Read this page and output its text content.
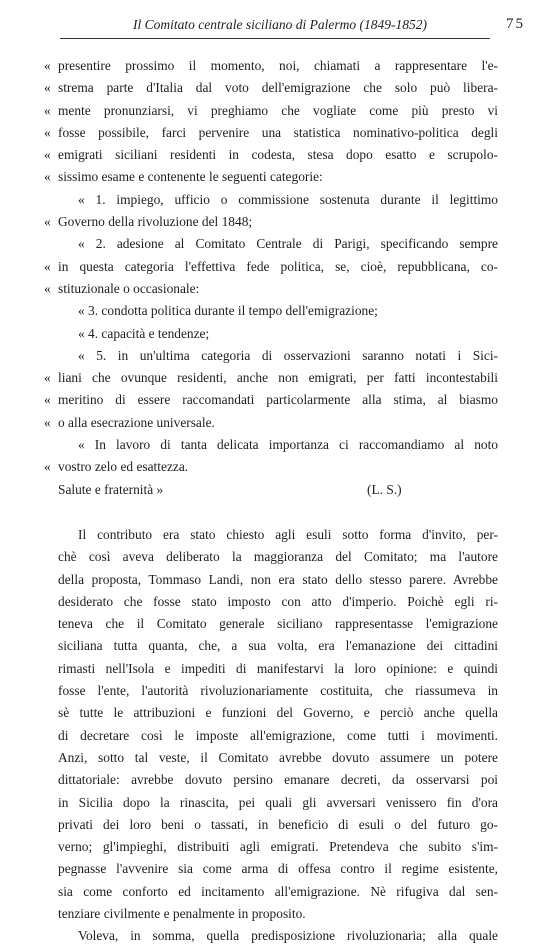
Il Comitato centrale siciliano di Palermo (1849-1852)	75
« presentire prossimo il momento, noi, chiamati a rappresentare l'e-
« strema parte d'Italia dal voto dell'emigrazione che solo può libera-
« mente pronunziarsi, vi preghiamo che vogliate come più presto vi
« fosse possibile, farci pervenire una statistica nominativo-politica degli
« emigrati siciliani residenti in codesta, stesa dopo esatto e scrupolo-
« sissimo esame e contenente le seguenti categorie:
« 1. impiego, ufficio o commissione sostenuta durante il legittimo
« Governo della rivoluzione del 1848;
« 2. adesione al Comitato Centrale di Parigi, specificando sempre
« in questa categoria l'effettiva fede politica, se, cioè, repubblicana, co-
« stituzionale o occasionale:
« 3. condotta politica durante il tempo dell'emigrazione;
« 4. capacità e tendenze;
« 5. in un'ultima categoria di osservazioni saranno notati i Sici-
« liani che ovunque residenti, anche non emigrati, per fatti incontestabili
« meritino di essere raccomandati particolarmente alla stima, al biasmo
« o alla esecrazione universale.
« In lavoro di tanta delicata importanza ci raccomandiamo al noto
« vostro zelo ed esattezza.
Salute e fraternità »	(L. S.)
Il contributo era stato chiesto agli esuli sotto forma d'invito, per-
chè così aveva deliberato la maggioranza del Comitato; ma l'autore
della proposta, Tommaso Landi, non era stato dello stesso parere. Avrebbe
desiderato che fosse stato imposto con atto d'imperio. Poichè egli ri-
teneva che il Comitato generale siciliano rappresentasse l'emigrazione
siciliana tutta quanta, che, a sua volta, era l'emanazione dei cittadini
rimasti nell'Isola e impediti di manifestarvi la loro opinione: e quindi
fosse l'ente, l'autorità rivoluzionariamente costituita, che riassumeva in
sè tutte le attribuzioni e funzioni del Governo, e perciò anche quella
di decretare così le imposte all'emigrazione, come tutti i movimenti.
Anzi, sotto tal veste, il Comitato avrebbe dovuto assumere un potere
dittatoriale: avrebbe dovuto persino emanare decreti, da osservarsi poi
in Sicilia dopo la rinascita, pei quali gli avversari venissero fin d'ora
privati dei loro beni o tassati, in beneficio di esuli o del futuro go-
verno; gl'impieghi, distribuiti agli emigrati. Pretendeva che subito s'im-
pegnasse l'avvenire sia come arma di offesa contro il regime esistente,
sia come conforto ed incitamento all'emigrazione. Nè rifugiva dal sen-
tenziare civilmente e penalmente in proposito.
Voleva, in somma, quella predisposizione rivoluzionaria; alla quale
